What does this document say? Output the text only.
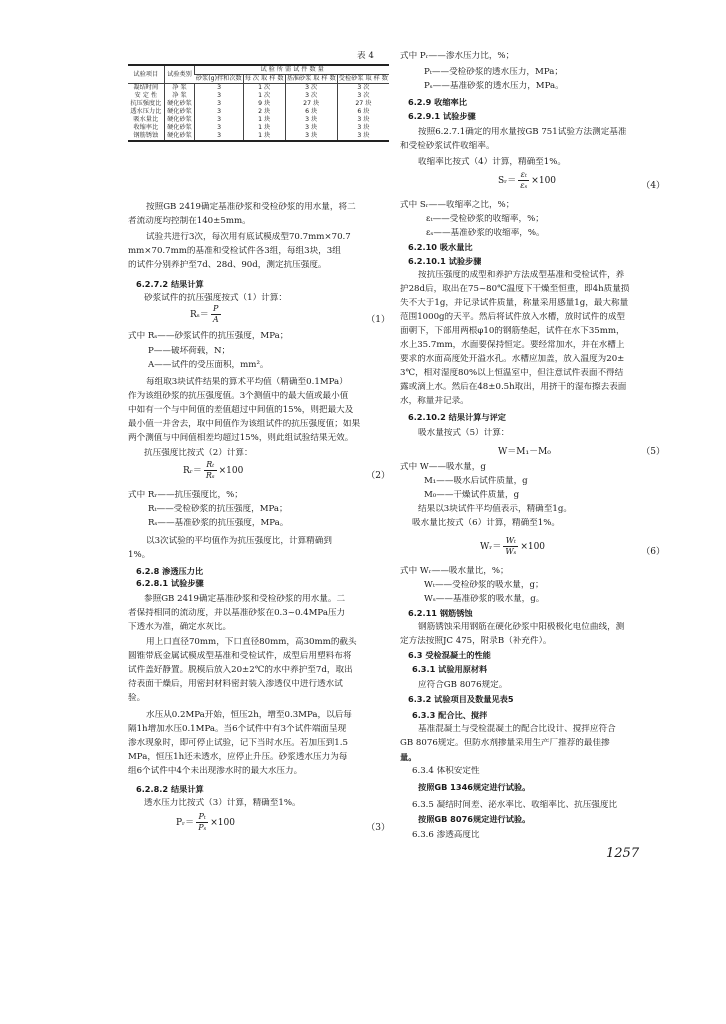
表 4
试验项目	试验类别	试 验 所 需 试 件 数 量			
		砂浆(g)拌和次数	每 次 取 样 数	基准砂浆 取 样 数	受检砂浆 取 样 数
凝结时间	净 浆	3	1 次	3 次	3 次
安 定 性	净 浆	3	1 次	3 次	3 次
抗压强度比	硬化砂浆	3	9 块	27 块	27 块
透水压力比	硬化砂浆	3	2 块	6 块	6 块
吸水量比	硬化砂浆	3	1 块	3 块	3 块
收缩率比	硬化砂浆	3	1 块	3 块	3 块
钢筋锈蚀	硬化砂浆	3	1 块	3 块	3 块
按照GB 2419确定基准砂浆和受检砂浆的用水量，将二
者流动度均控制在140±5mm。
试验共进行3次，每次用有底试模成型70.7mm×70.7
mm×70.7mm的基准和受检试件各3组，每组3块，3组
的试件分别养护至7d、28d、90d，测定抗压强度。
6.2.7.2 结果计算
砂浆试件的抗压强度按式（1）计算：
式中 Rₛ——砂浆试件的抗压强度，MPa；
P——破坏荷载，N；
A——试件的受压面积，mm²。
每组取3块试件结果的算术平均值（精确至0.1MPa）
作为该组砂浆的抗压强度值。3个测值中的最大值或最小值
中如有一个与中间值的差值超过中间值的15%，则把最大及
最小值一并舍去，取中间值作为该组试件的抗压强度值；如果
两个测值与中间值相差均超过15%，则此组试验结果无效。
抗压强度比按式（2）计算：
式中 Rᵣ——抗压强度比，%；
Rₜ——受检砂浆的抗压强度，MPa；
Rₛ——基准砂浆的抗压强度，MPa。
以3次试验的平均值作为抗压强度比，计算精确到
1%。
6.2.8 渗透压力比
6.2.8.1 试验步骤
参照GB 2419确定基准砂浆和受检砂浆的用水量。二
者保持相同的流动度，并以基准砂浆在0.3~0.4MPa压力
下透水为准，确定水灰比。
用上口直径70mm，下口直径80mm，高30mm的截头
圆锥带底金属试模成型基准和受检试件，成型后用塑料布将
试件盖好静置。脱模后放入20±2℃的水中养护至7d，取出
待表面干燥后，用密封材料密封装入渗透仪中进行透水试
验。
水压从0.2MPa开始，恒压2h，增至0.3MPa，以后每
隔1h增加水压0.1MPa。当6个试件中有3个试件端面呈现
渗水现象时，即可停止试验，记下当时水压。若加压到1.5
MPa，恒压1h还未透水，应停止升压。砂浆透水压力为每
组6个试件中4个未出现渗水时的最大水压力。
6.2.8.2 结果计算
透水压力比按式（3）计算，精确至1%。
$R_s= \frac{P}{A}$	（1）
Rᵣ＝ $\frac{\text{Rₜ}}{\text{Rₛ}} \times 100$	（2）
Pᵣ＝ $\frac{\text{Pₜ}}{\text{Pₛ}} \times 100$	（3）
式中 Pᵣ——渗水压力比，%；
Pₜ——受检砂浆的透水压力，MPa；
Pₛ——基准砂浆的透水压力，MPa。
6.2.9 收缩率比
6.2.9.1 试验步骤
按照6.2.7.1确定的用水量按GB 751试验方法测定基准
和受检砂浆试件收缩率。
收缩率比按式（4）计算，精确至1%。
式中 Sᵣ——收缩率之比，%；
εₜ——受检砂浆的收缩率，%；
εₛ——基准砂浆的收缩率，%。
6.2.10 吸水量比
6.2.10.1 试验步骤
按抗压强度的成型和养护方法成型基准和受检试件，养
护28d后，取出在75~80℃温度下干燥至恒重，即4h质量损
失不大于1g，并记录试件质量，称量采用感量1g，最大称量
范围1000g的天平。然后将试件放入水槽，放时试件的成型
面朝下，下部用两根φ10的钢筋垫起，试件在水下35mm，
水上35.7mm，水面要保持恒定。要经常加水，并在水槽上
要求的水面高度处开溢水孔。水槽应加盖，放入温度为20±
3℃，相对湿度80%以上恒温室中，但注意试件表面不得结
露或滴上水。然后在48±0.5h取出，用挤干的湿布擦去表面
水，称量并记录。
6.2.10.2 结果计算与评定
吸水量按式（5）计算：
式中 W——吸水量，g
M₁——吸水后试件质量，g
M₀——干燥试件质量，g
结果以3块试件平均值表示，精确至1g。
吸水量比按式（6）计算，精确至1%。
式中 Wᵣ——吸水量比，%；
Wₜ——受检砂浆的吸水量，g；
Wₛ——基准砂浆的吸水量，g。
6.2.11 钢筋锈蚀
钢筋锈蚀采用钢筋在硬化砂浆中阳极极化电位曲线，测
定方法按照JC 475，附录B（补充件）。
6.3 受检混凝土的性能
6.3.1 试验用原材料
应符合GB 8076规定。
6.3.2 试验项目及数量见表5
6.3.3 配合比、搅拌
基准混凝土与受检混凝土的配合比设计、搅拌应符合
GB 8076规定。但防水剂掺量采用生产厂推荐的最佳掺
量。
6.3.4 体积安定性
按照GB 1346规定进行试验。
6.3.5 凝结时间差、泌水率比、收缩率比、抗压强度比
按照GB 8076规定进行试验。
6.3.6 渗透高度比
Sᵣ＝ $\frac{\text{εₜ}}{\text{εₛ}} \times 100$	（4）
W＝M₁－M₀	（5）
Wᵣ＝ $\frac{\text{Wₜ}}{\text{Wₛ}} \times 100$	（6）
1257
